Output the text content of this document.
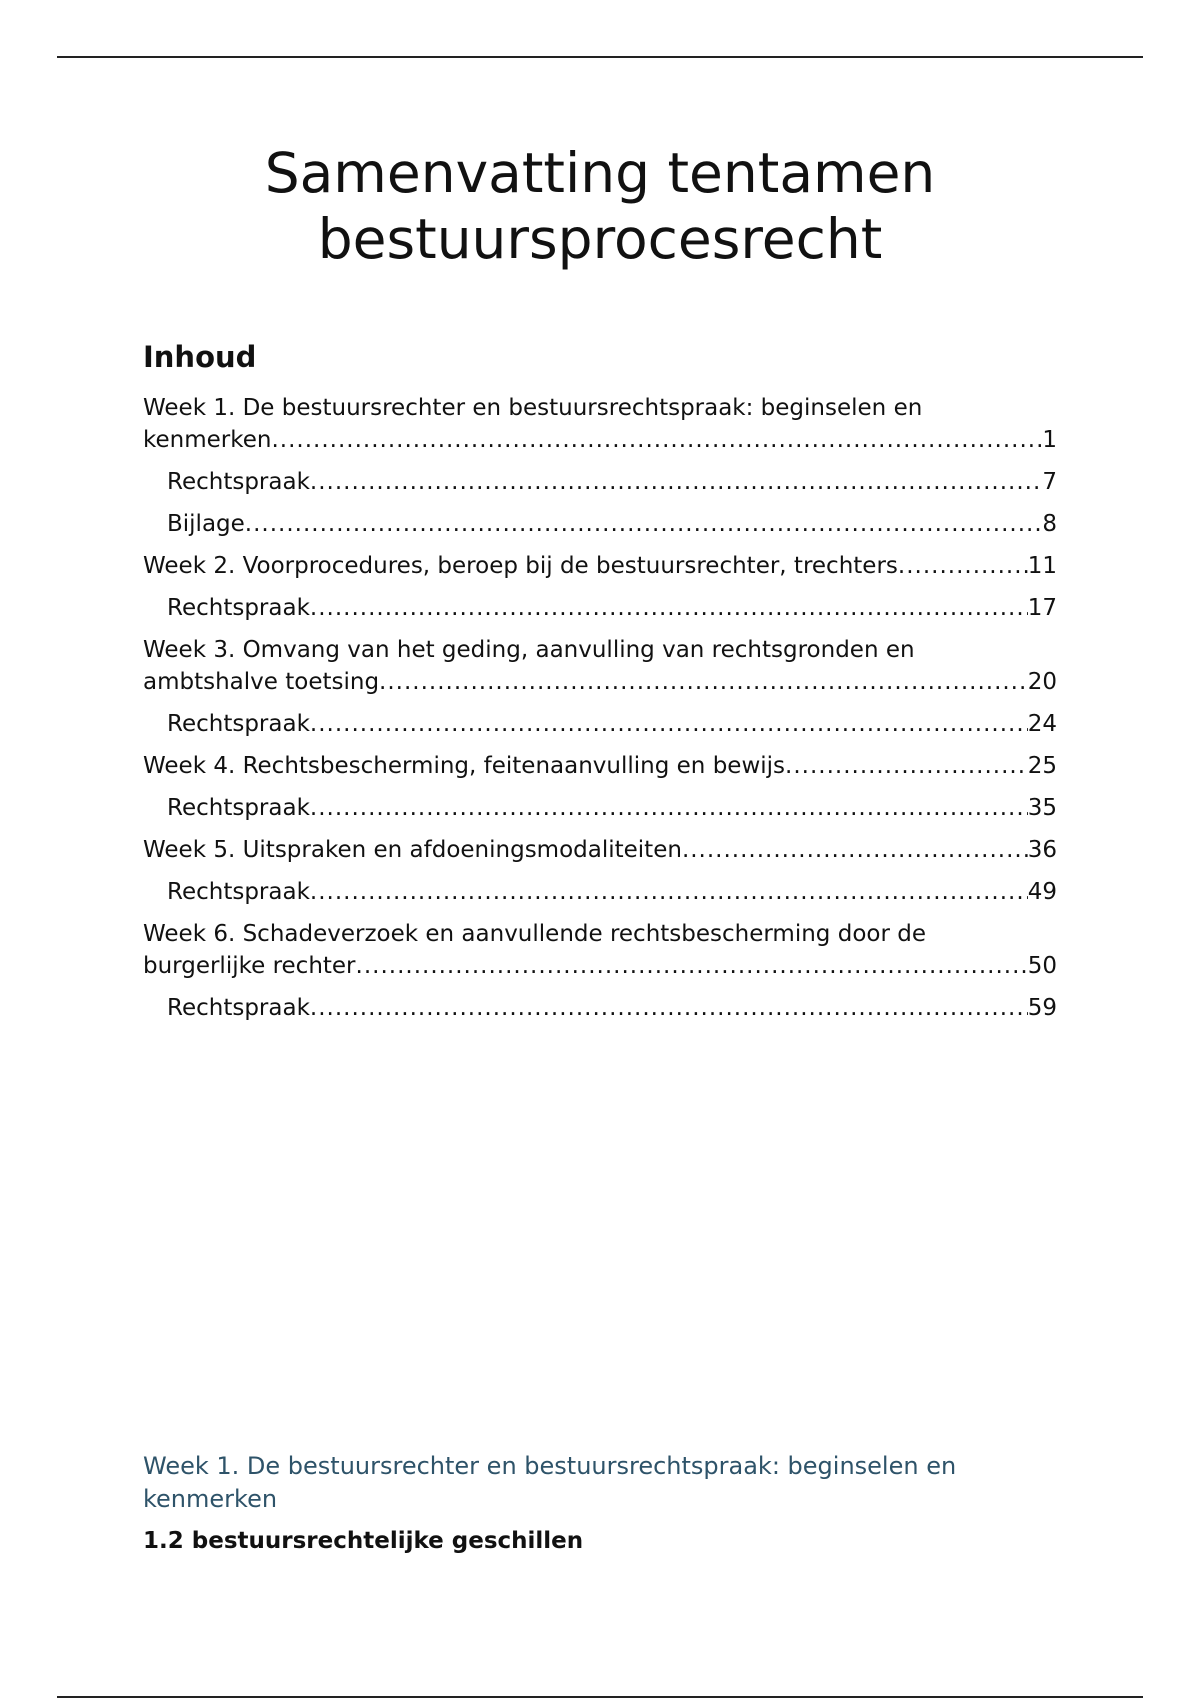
Samenvatting tentamen bestuursprocesrecht
Inhoud
Week 1. De bestuursrechter en bestuursrechtspraak: beginselen en
kenmerken .....	1
Rechtspraak .....	7
Bijlage .....	8
Week 2. Voorprocedures, beroep bij de bestuursrechter, trechters .....	11
Rechtspraak .....	17
Week 3. Omvang van het geding, aanvulling van rechtsgronden en
ambtshalve toetsing .....	20
Rechtspraak .....	24
Week 4. Rechtsbescherming, feitenaanvulling en bewijs .....	25
Rechtspraak .....	35
Week 5. Uitspraken en afdoeningsmodaliteiten .....	36
Rechtspraak .....	49
Week 6. Schadeverzoek en aanvullende rechtsbescherming door de
burgerlijke rechter .....	50
Rechtspraak .....	59
Week 1. De bestuursrechter en bestuursrechtspraak: beginselen en kenmerken
1.2 bestuursrechtelijke geschillen
